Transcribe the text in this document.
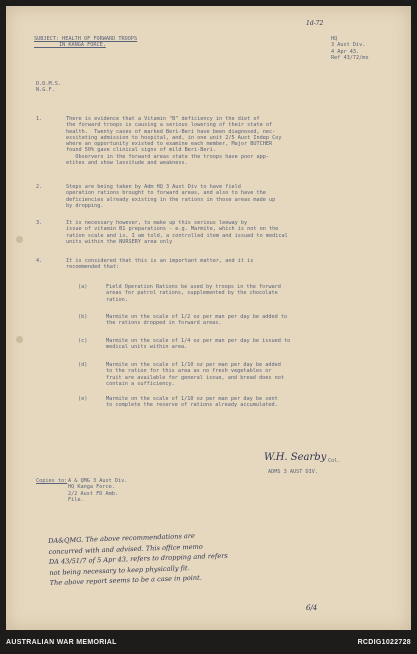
1d-72
SUBJECT: HEALTH OF FORWARD TROOPS
IN KANGA FORCE.
HQ
3 Aust Div.
4 Apr 43.
Ref 43/72/mo
D.D.M.S.
N.G.F.
1.	There is evidence that a Vitamin "B" deficiency in the diet of
the forward troops is causing a serious lowering of their state of
health.  Twenty cases of marked Beri-Beri have been diagnosed, nec-
essitating admission to hospital, and, in one unit 2/5 Aust Indep Coy
where an opportunity existed to examine each member, Major BUTCHER
found 50% gave clinical signs of mild Beri-Beri.
Observers in the forward areas state the troops have poor app-
etites and show lassitude and weakness.
2.	Steps are being taken by Adm HQ 3 Aust Div to have field
operation rations brought to forward areas, and also to have the
deficiencies already existing in the rations in those areas made up
by dropping.
3.	It is necessary however, to make up this serious leeway by
issue of vitamin B1 preparations - e.g. Marmite, which is not on the
ration scale and is, I am told, a controlled item and issued to medical
units within the NURSERY area only
4.	It is considered that this is an important matter, and it is
recommended that:
(a)	Field Operation Rations be used by troops in the forward
areas for patrol rations, supplemented by the chocolate
ration.
(b)	Marmite on the scale of 1/2 oz per man per day be added to
the rations dropped in forward areas.
(c)	Marmite on the scale of 1/4 oz per man per day be issued to
medical units within area.
(d)	Marmite on the scale of 1/10 oz per man per day be added
to the ration for this area as no fresh vegetables or
fruit are available for general issue, and bread does not
contain a sufficiency.
(e)	Marmite on the scale of 1/10 oz per man per day be sent
to complete the reserve of rations already accumulated.
W.H. Searby Col.
ADMS 3 AUST DIV.
Copies to: A & QMG 3 Aust Div.
HQ Kanga Force.
2/2 Aust FD Amb.
File.
DA&QMG. The above recommendations are
concurred with and advised. This office memo
DA 43/51/7 of 5 Apr 43, refers to dropping and refers
not being necessary to keep physically fit.
The above report seems to be a case in point.
6/4
AUSTRALIAN WAR MEMORIAL	RCDIG1022728
